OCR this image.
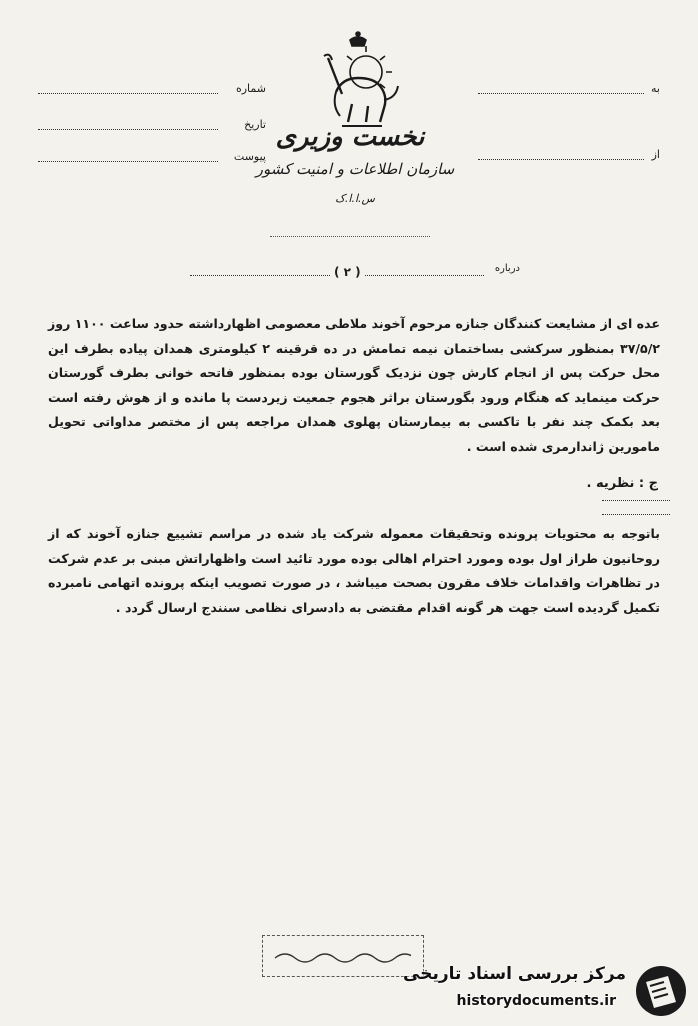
شماره
تاریخ
پیوست
به
از
نخست وزیری
سازمان اطلاعات و امنیت کشور
س.ا.ا.ک
درباره
( ۲ )
عده ای از مشایعت کنندگان جنازه مرحوم آخوند ملاطی معصومی اظهارداشته حدود ساعت ۱۱۰۰ روز ۳۷/۵/۲ بمنظور سرکشی بساختمان نیمه تمامش در ده قرقینه ۲ کیلومتری همدان پیاده بطرف این محل حرکت پس از انجام کارش چون نزدیک گورستان بوده بمنظور فاتحه خوانی بطرف گورستان حرکت مینماید که هنگام ورود بگورستان براثر هجوم جمعیت زیردست پا مانده و از هوش رفته است بعد بکمک چند نفر با تاکسی به بیمارستان پهلوی همدان مراجعه پس از مختصر مداواتی تحویل مامورین ژاندارمری شده است .
ج : نظریه .
باتوجه به محتویات پرونده وتحقیقات معموله شرکت یاد شده در مراسم تشییع جنازه آخوند که از روحانیون طراز اول بوده ومورد احترام اهالی بوده مورد تائید است واظهاراتش مبنی بر عدم شرکت در تظاهرات واقدامات خلاف مقرون بصحت میباشد ، در صورت تصویب اینکه پرونده اتهامی نامبرده تکمیل گردیده است جهت هر گونه اقدام مقتضی به دادسرای نظامی سنندج ارسال گردد .
مرکز بررسی اسناد تاریخی
historydocuments.ir
